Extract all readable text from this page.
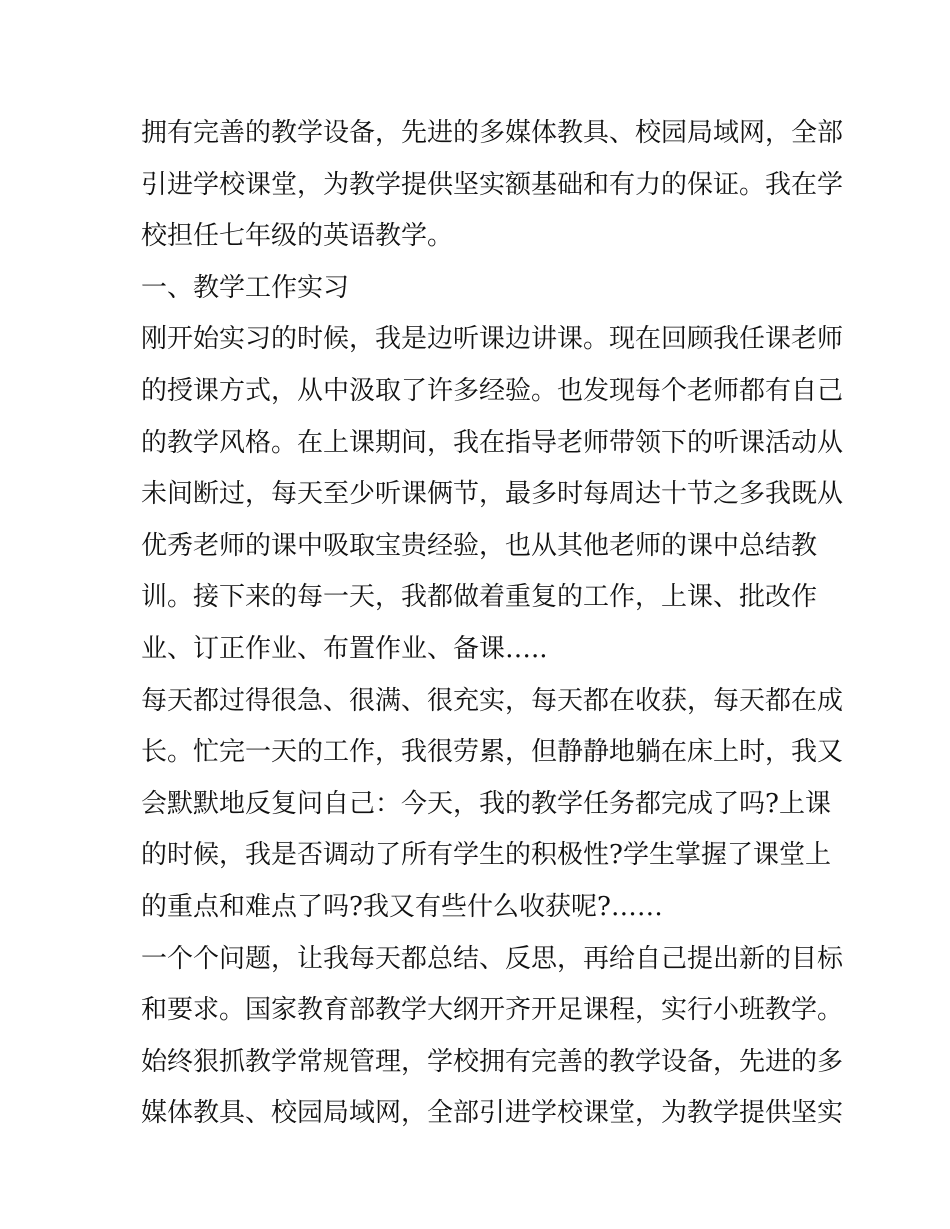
拥有完善的教学设备，先进的多媒体教具、校园局域网，全部
引进学校课堂，为教学提供坚实额基础和有力的保证。我在学
校担任七年级的英语教学。
一、教学工作实习
刚开始实习的时候，我是边听课边讲课。现在回顾我任课老师
的授课方式，从中汲取了许多经验。也发现每个老师都有自己
的教学风格。在上课期间，我在指导老师带领下的听课活动从
未间断过，每天至少听课俩节，最多时每周达十节之多我既从
优秀老师的课中吸取宝贵经验，也从其他老师的课中总结教
训。接下来的每一天，我都做着重复的工作，上课、批改作
业、订正作业、布置作业、备课…..
每天都过得很急、很满、很充实，每天都在收获，每天都在成
长。忙完一天的工作，我很劳累，但静静地躺在床上时，我又
会默默地反复问自己：今天，我的教学任务都完成了吗?上课
的时候，我是否调动了所有学生的积极性?学生掌握了课堂上
的重点和难点了吗?我又有些什么收获呢?……
一个个问题，让我每天都总结、反思，再给自己提出新的目标
和要求。国家教育部教学大纲开齐开足课程，实行小班教学。
始终狠抓教学常规管理，学校拥有完善的教学设备，先进的多
媒体教具、校园局域网，全部引进学校课堂，为教学提供坚实
